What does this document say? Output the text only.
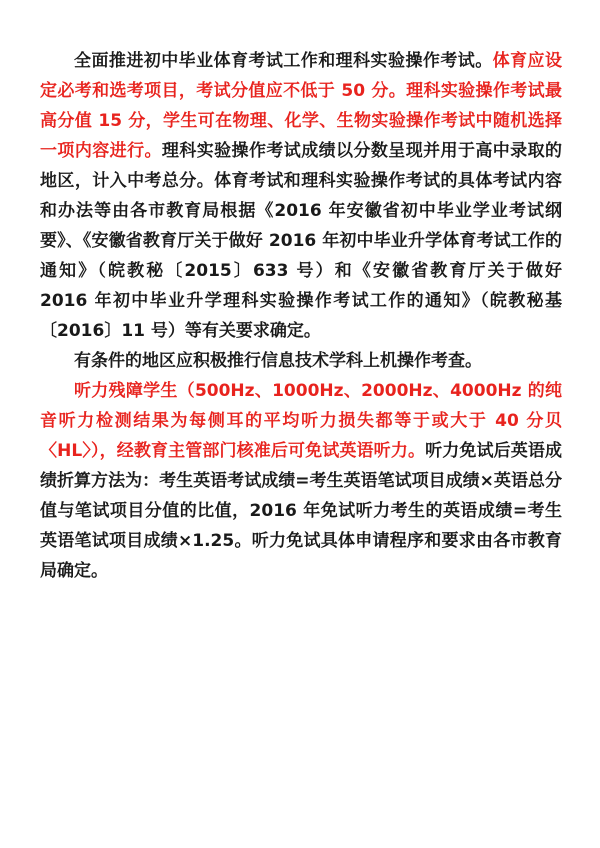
全面推进初中毕业体育考试工作和理科实验操作考试。体育应设定必考和选考项目，考试分值应不低于 50 分。理科实验操作考试最高分值 15 分，学生可在物理、化学、生物实验操作考试中随机选择一项内容进行。理科实验操作考试成绩以分数呈现并用于高中录取的地区，计入中考总分。体育考试和理科实验操作考试的具体考试内容和办法等由各市教育局根据《2016 年安徽省初中毕业学业考试纲要》、《安徽省教育厅关于做好 2016 年初中毕业升学体育考试工作的通知》（皖教秘〔2015〕633 号）和《安徽省教育厅关于做好 2016 年初中毕业升学理科实验操作考试工作的通知》（皖教秘基〔2016〕11 号）等有关要求确定。

有条件的地区应积极推行信息技术学科上机操作考查。

听力残障学生（500Hz、1000Hz、2000Hz、4000Hz 的纯音听力检测结果为每侧耳的平均听力损失都等于或大于 40 分贝〈HL〉），经教育主管部门核准后可免试英语听力。听力免试后英语成绩折算方法为：考生英语考试成绩=考生英语笔试项目成绩×英语总分值与笔试项目分值的比值，2016 年免试听力考生的英语成绩=考生英语笔试项目成绩×1.25。听力免试具体申请程序和要求由各市教育局确定。
